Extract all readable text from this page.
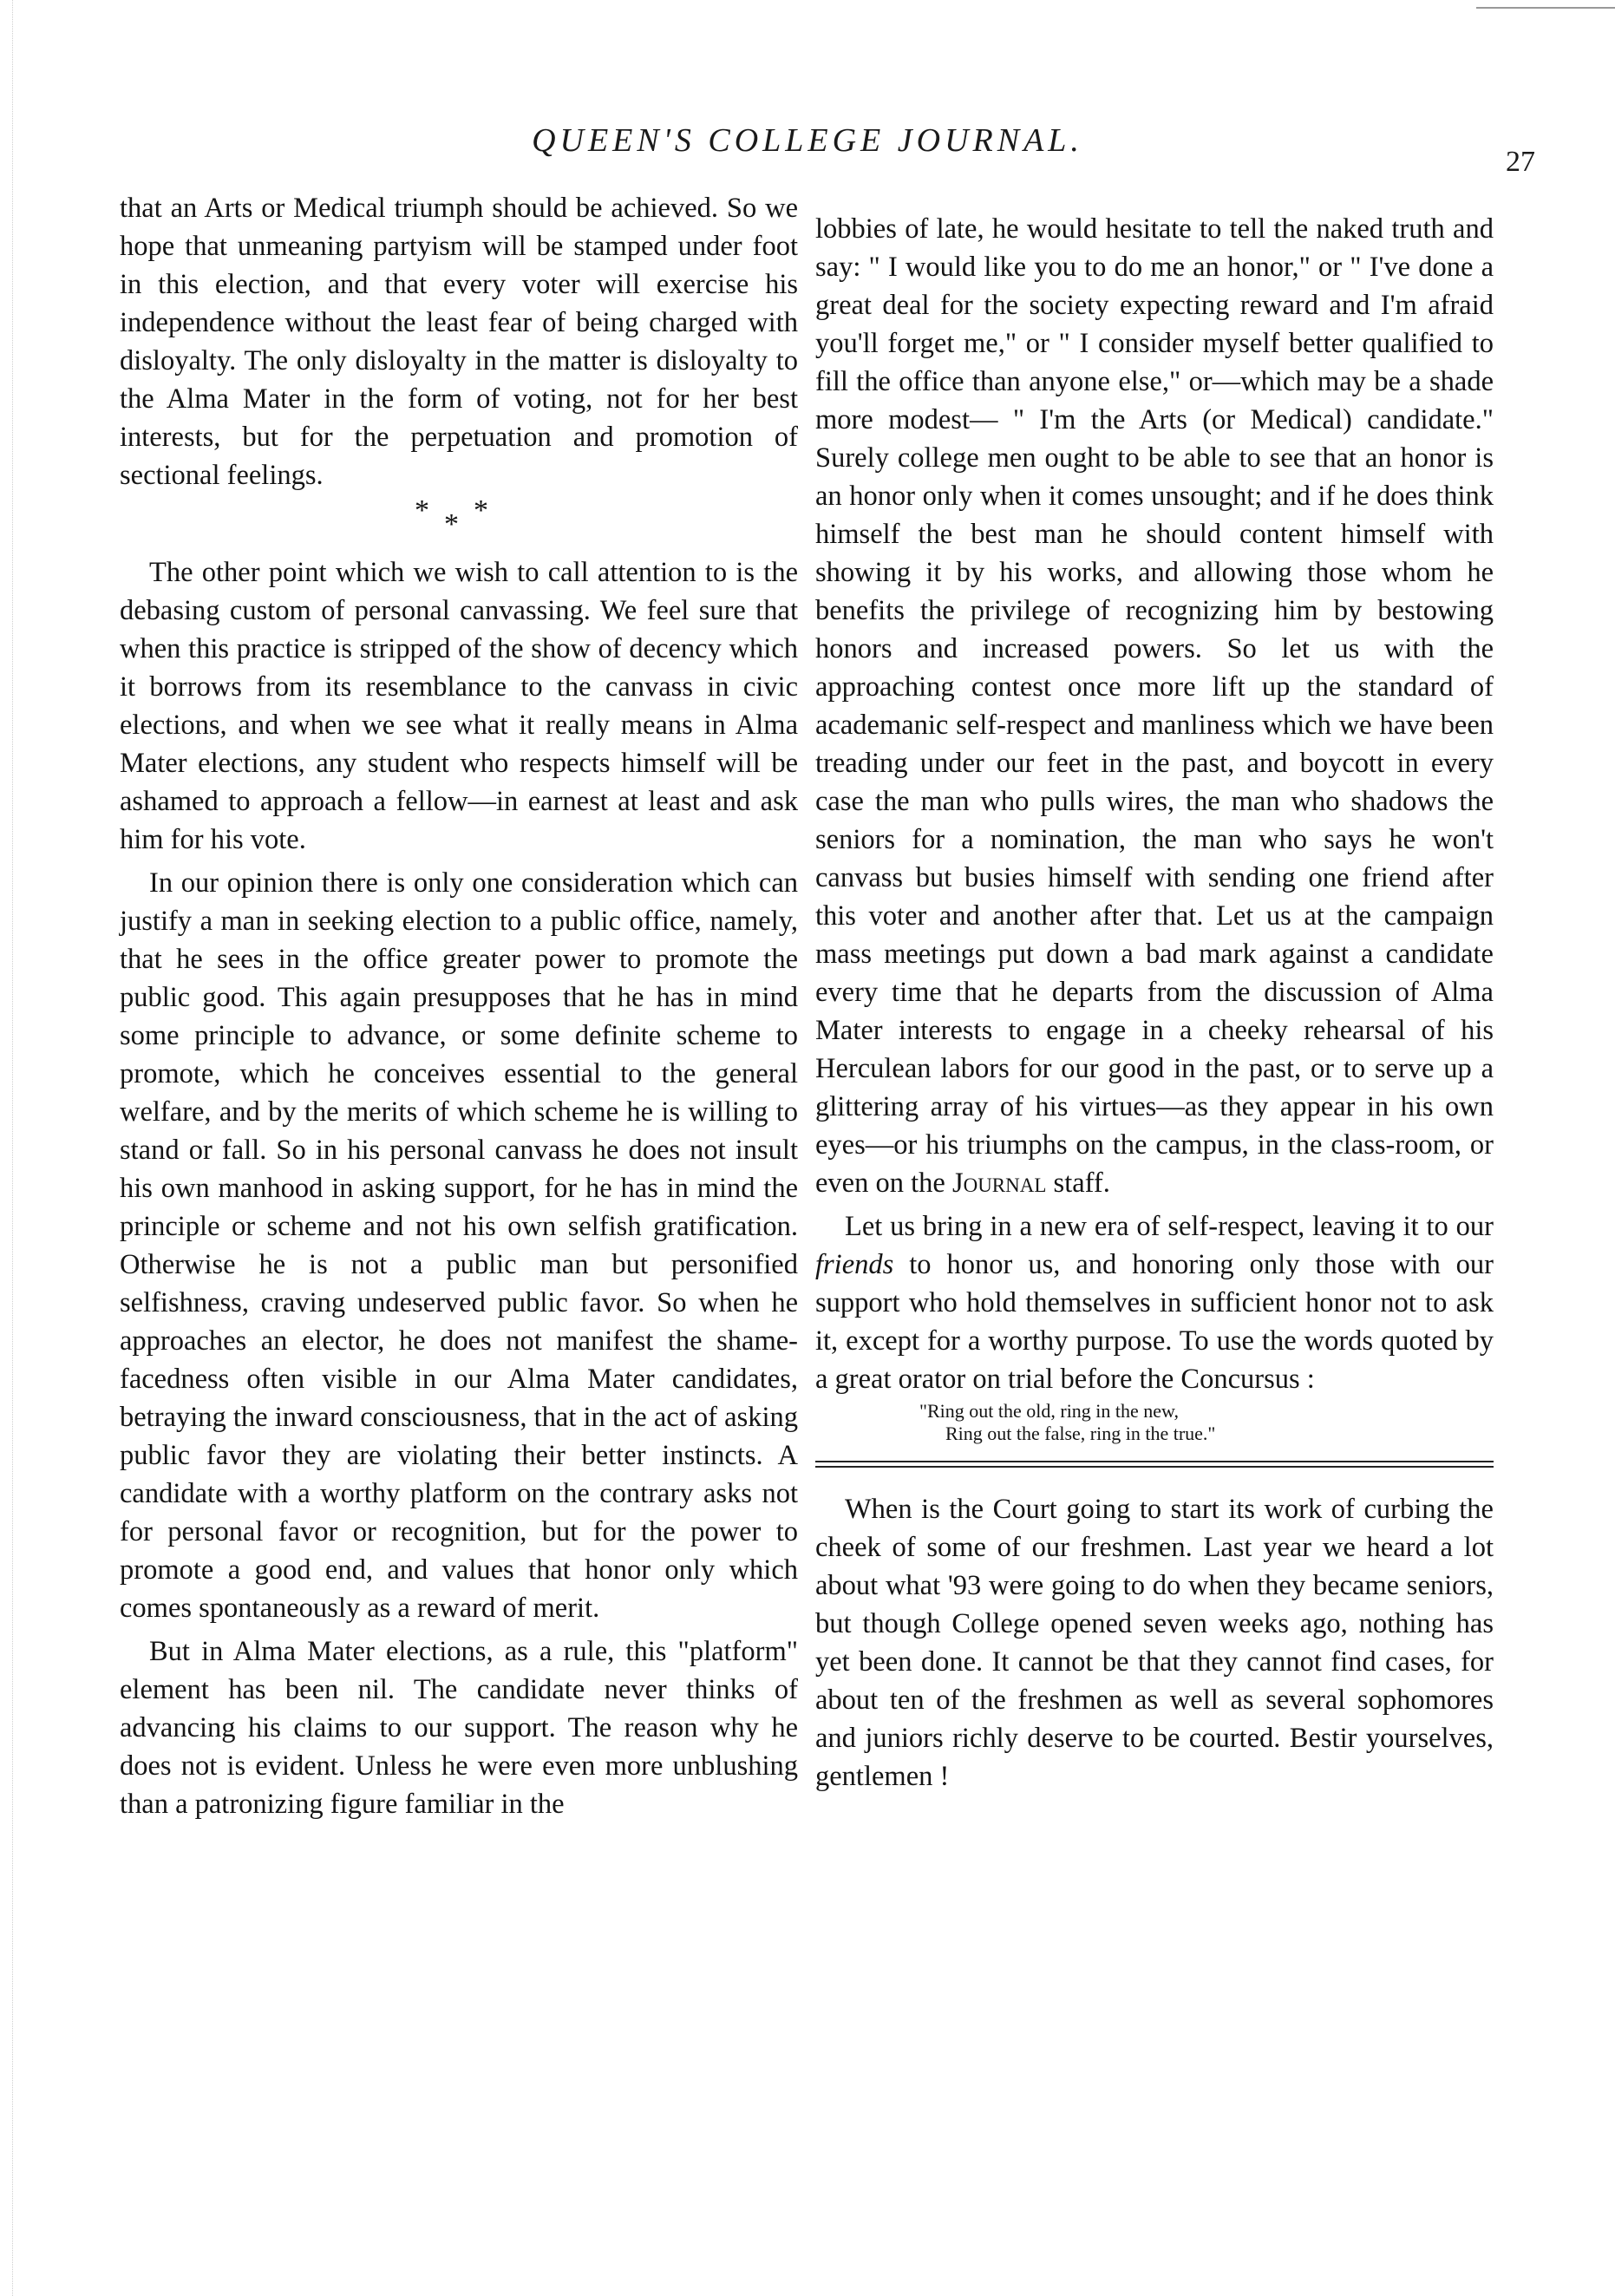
QUEEN'S COLLEGE JOURNAL.
27

that an Arts or Medical triumph should be achieved. So we hope that unmeaning partyism will be stamped under foot in this election, and that every voter will exercise his independence without the least fear of being charged with disloyalty. The only disloyalty in the matter is disloyalty to the Alma Mater in the form of voting, not for her best interests, but for the perpetuation and promotion of sectional feelings.

* * *

The other point which we wish to call attention to is the debasing custom of personal canvassing. We feel sure that when this practice is stripped of the show of decency which it borrows from its resemblance to the canvass in civic elections, and when we see what it really means in Alma Mater elections, any student who respects himself will be ashamed to approach a fellow—in earnest at least and ask him for his vote.

In our opinion there is only one consideration which can justify a man in seeking election to a public office, namely, that he sees in the office greater power to promote the public good. This again presupposes that he has in mind some principle to advance, or some definite scheme to promote, which he conceives essential to the general welfare, and by the merits of which scheme he is willing to stand or fall. So in his personal canvass he does not insult his own manhood in asking support, for he has in mind the principle or scheme and not his own selfish gratification. Otherwise he is not a public man but personified selfishness, craving undeserved public favor. So when he approaches an elector, he does not manifest the shame-facedness often visible in our Alma Mater candidates, betraying the inward consciousness, that in the act of asking public favor they are violating their better instincts. A candidate with a worthy platform on the contrary asks not for personal favor or recognition, but for the power to promote a good end, and values that honor only which comes spontaneously as a reward of merit.

But in Alma Mater elections, as a rule, this "platform" element has been nil. The candidate never thinks of advancing his claims to our support. The reason why he does not is evident. Unless he were even more unblushing than a patronizing figure familiar in the

lobbies of late, he would hesitate to tell the naked truth and say: " I would like you to do me an honor," or " I've done a great deal for the society expecting reward and I'm afraid you'll forget me," or " I consider myself better qualified to fill the office than anyone else," or—which may be a shade more modest— " I'm the Arts (or Medical) candidate." Surely college men ought to be able to see that an honor is an honor only when it comes unsought; and if he does think himself the best man he should content himself with showing it by his works, and allowing those whom he benefits the privilege of recognizing him by bestowing honors and increased powers. So let us with the approaching contest once more lift up the standard of academanic self-respect and manliness which we have been treading under our feet in the past, and boycott in every case the man who pulls wires, the man who shadows the seniors for a nomination, the man who says he won't canvass but busies himself with sending one friend after this voter and another after that. Let us at the campaign mass meetings put down a bad mark against a candidate every time that he departs from the discussion of Alma Mater interests to engage in a cheeky rehearsal of his Herculean labors for our good in the past, or to serve up a glittering array of his virtues—as they appear in his own eyes—or his triumphs on the campus, in the class-room, or even on the Journal staff.

Let us bring in a new era of self-respect, leaving it to our friends to honor us, and honoring only those with our support who hold themselves in sufficient honor not to ask it, except for a worthy purpose. To use the words quoted by a great orator on trial before the Concursus :

"Ring out the old, ring in the new,
Ring out the false, ring in the true."

When is the Court going to start its work of curbing the cheek of some of our freshmen. Last year we heard a lot about what '93 were going to do when they became seniors, but though College opened seven weeks ago, nothing has yet been done. It cannot be that they cannot find cases, for about ten of the freshmen as well as several sophomores and juniors richly deserve to be courted. Bestir yourselves, gentlemen !
